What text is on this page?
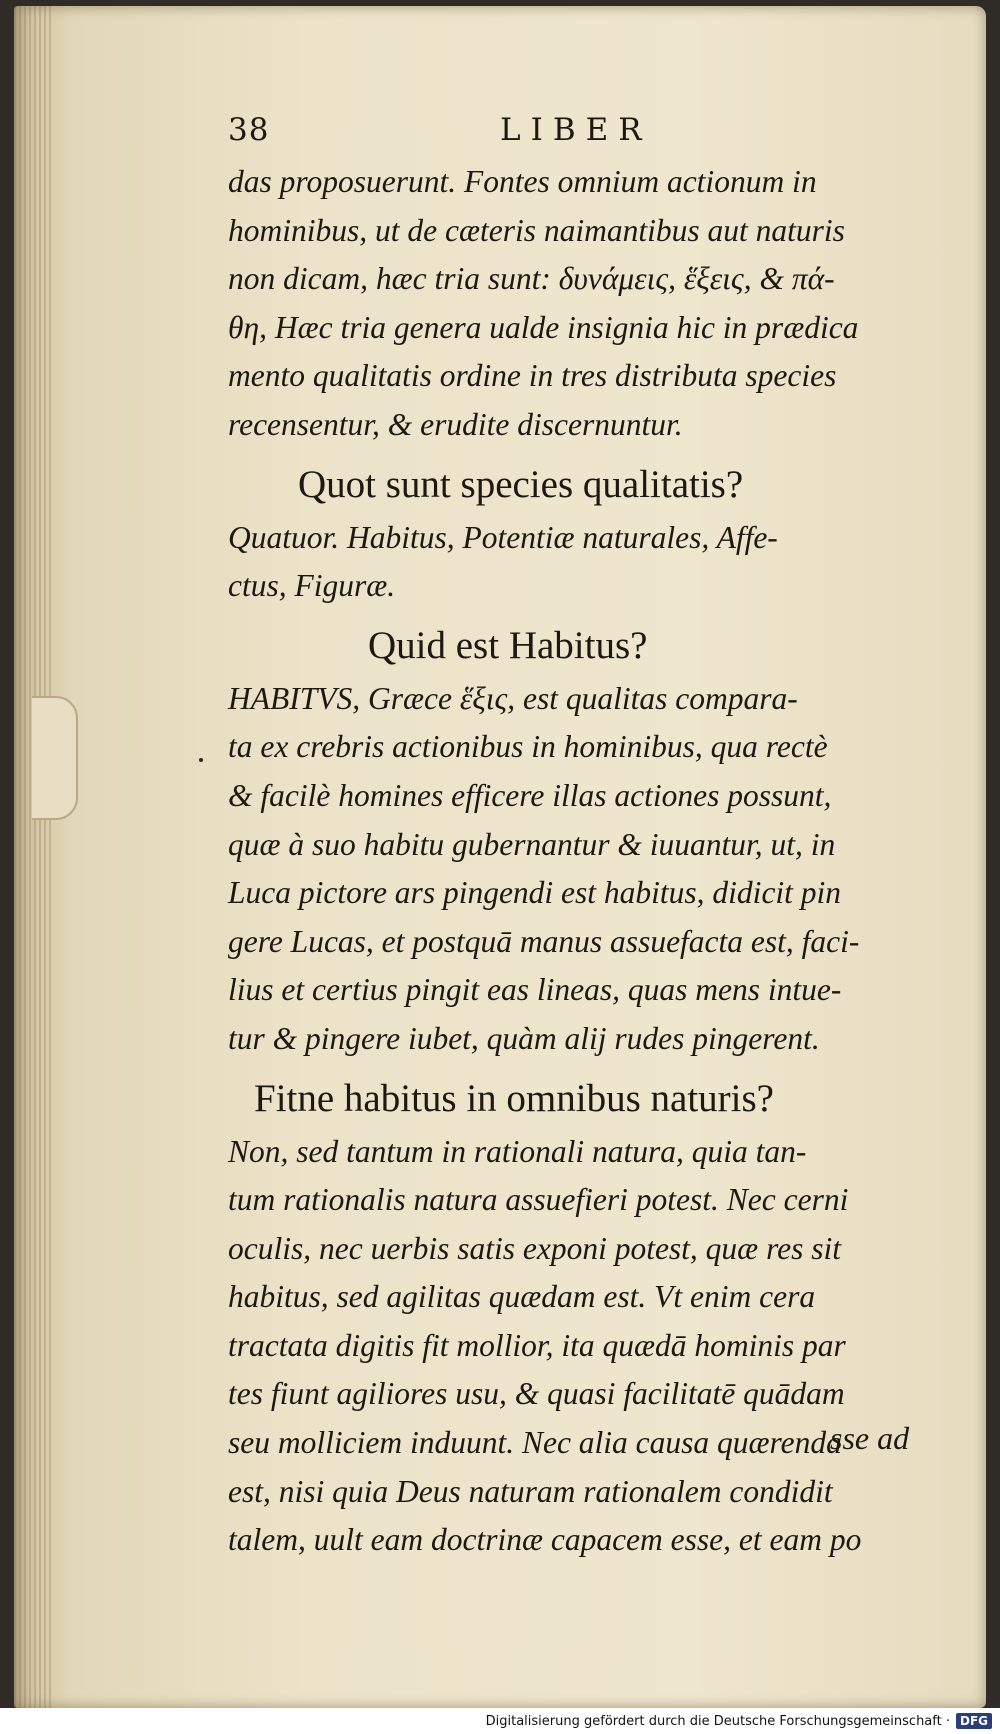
38	LIBER

das proposuerunt. Fontes omnium actionum in
hominibus, ut de cæteris naimantibus aut naturis
non dicam, hæc tria sunt: δυνάμεις, ἕξεις, & πά-
θη, Hæc tria genera ualde insignia hic in prædica
mento qualitatis ordine in tres distributa species
recensentur, & erudite discernuntur.

Quot sunt species qualitatis?

Quatuor. Habitus, Potentiæ naturales, Affe-
ctus, Figuræ.

Quid est Habitus?

HABITVS, Græce ἕξις, est qualitas compara-
ta ex crebris actionibus in hominibus, qua rectè
& facilè homines efficere illas actiones possunt,
quæ à suo habitu gubernantur & iuuantur, ut, in
Luca pictore ars pingendi est habitus, didicit pin
gere Lucas, et postquā manus assuefacta est, faci-
lius et certius pingit eas lineas, quas mens intue-
tur & pingere iubet, quàm alij rudes pingerent.

Fitne habitus in omnibus naturis?

Non, sed tantum in rationali natura, quia tan-
tum rationalis natura assuefieri potest. Nec cerni
oculis, nec uerbis satis exponi potest, quæ res sit
habitus, sed agilitas quædam est. Vt enim cera
tractata digitis fit mollior, ita quædā hominis par
tes fiunt agiliores usu, & quasi facilitatē quādam
seu molliciem induunt. Nec alia causa quærenda
est, nisi quia Deus naturam rationalem condidit
talem, uult eam doctrinæ capacem esse, et eam po

sse ad
Digitalisierung gefördert durch die Deutsche Forschungsgemeinschaft · DFG
